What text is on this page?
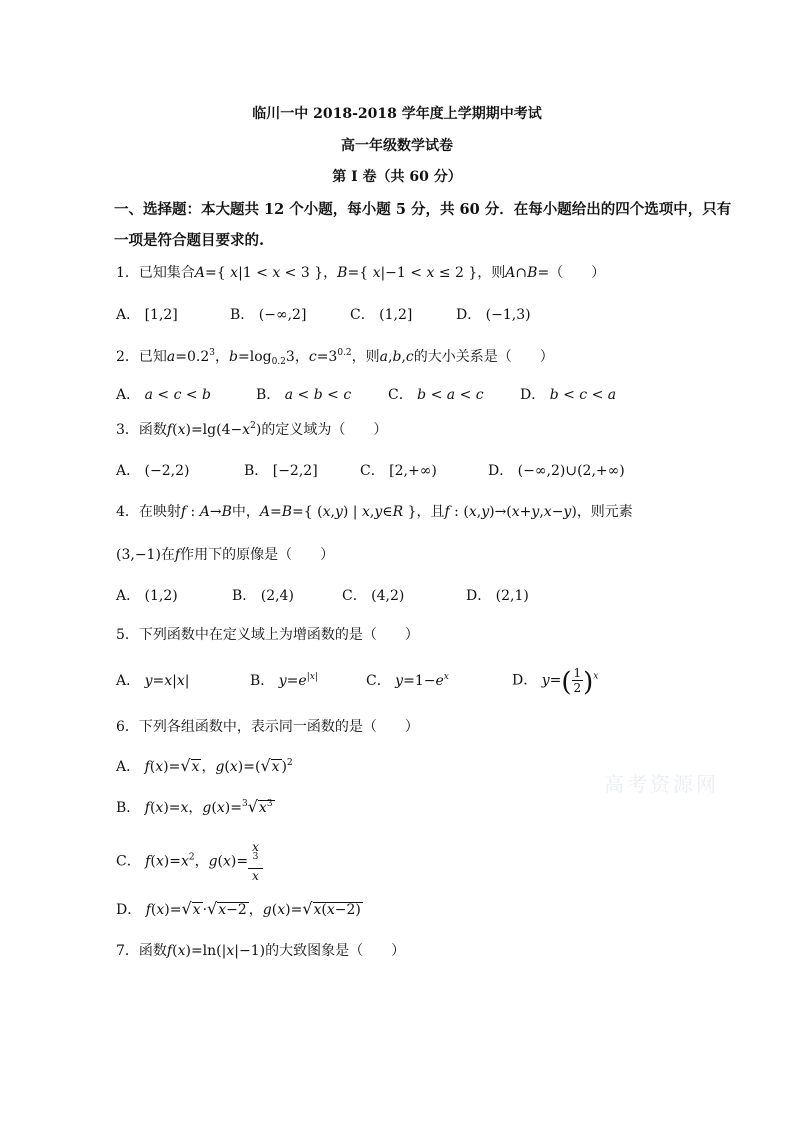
临川一中 2018-2018 学年度上学期期中考试
高一年级数学试卷
第 I 卷（共 60 分）
一、选择题：本大题共 12 个小题，每小题 5 分，共 60 分．在每小题给出的四个选项中，只有
一项是符合题目要求的.
1．已知集合A={ x|1 < x < 3 }，B={ x|−1 < x ≤ 2 }，则A∩B=（　　）
A． [1,2]	B． (−∞,2]	C． (1,2]	D． (−1,3)
2．已知$a=0.2^3$，$b=\log_{0.2}3$，$c=3^{0.2}$，则a,b,c的大小关系是（　　）
A． a < c < b	B． a < b < c	C． b < a < c	D． b < c < a
3．函数$f(x)=\lg(4-x^2)$的定义域为（　　）
A． (−2,2)	B． [−2,2]	C． [2,+∞)	D． (−∞,2)∪(2,+∞)
4．在映射f : A→B中，A=B={ (x,y) | x,y∈R }，且f : (x,y)→(x+y,x−y)，则元素
(3,−1)在f作用下的原像是（　　）
A． (1,2)	B． (2,4)	C． (4,2)	D． (2,1)
5．下列函数中在定义域上为增函数的是（　　）
A． y=x|x|	B． $y=e^{|x|}$	C． $y=1-e^x$	D． $y=( \frac{1}{2} )^x$
6．下列各组函数中，表示同一函数的是（　　）
A． f(x)=√x ，g(x)=(√x )$^2$
B． f(x)=x，$g(x)=^3√x^3$
C． $f(x)=x^2$，g(x)= x
$^3$
x
D． f(x)=√x ·√x−2 ，g(x)=√x(x−2)
7．函数f(x)=ln(|x|−1)的大致图象是（　　）
高考资源网
